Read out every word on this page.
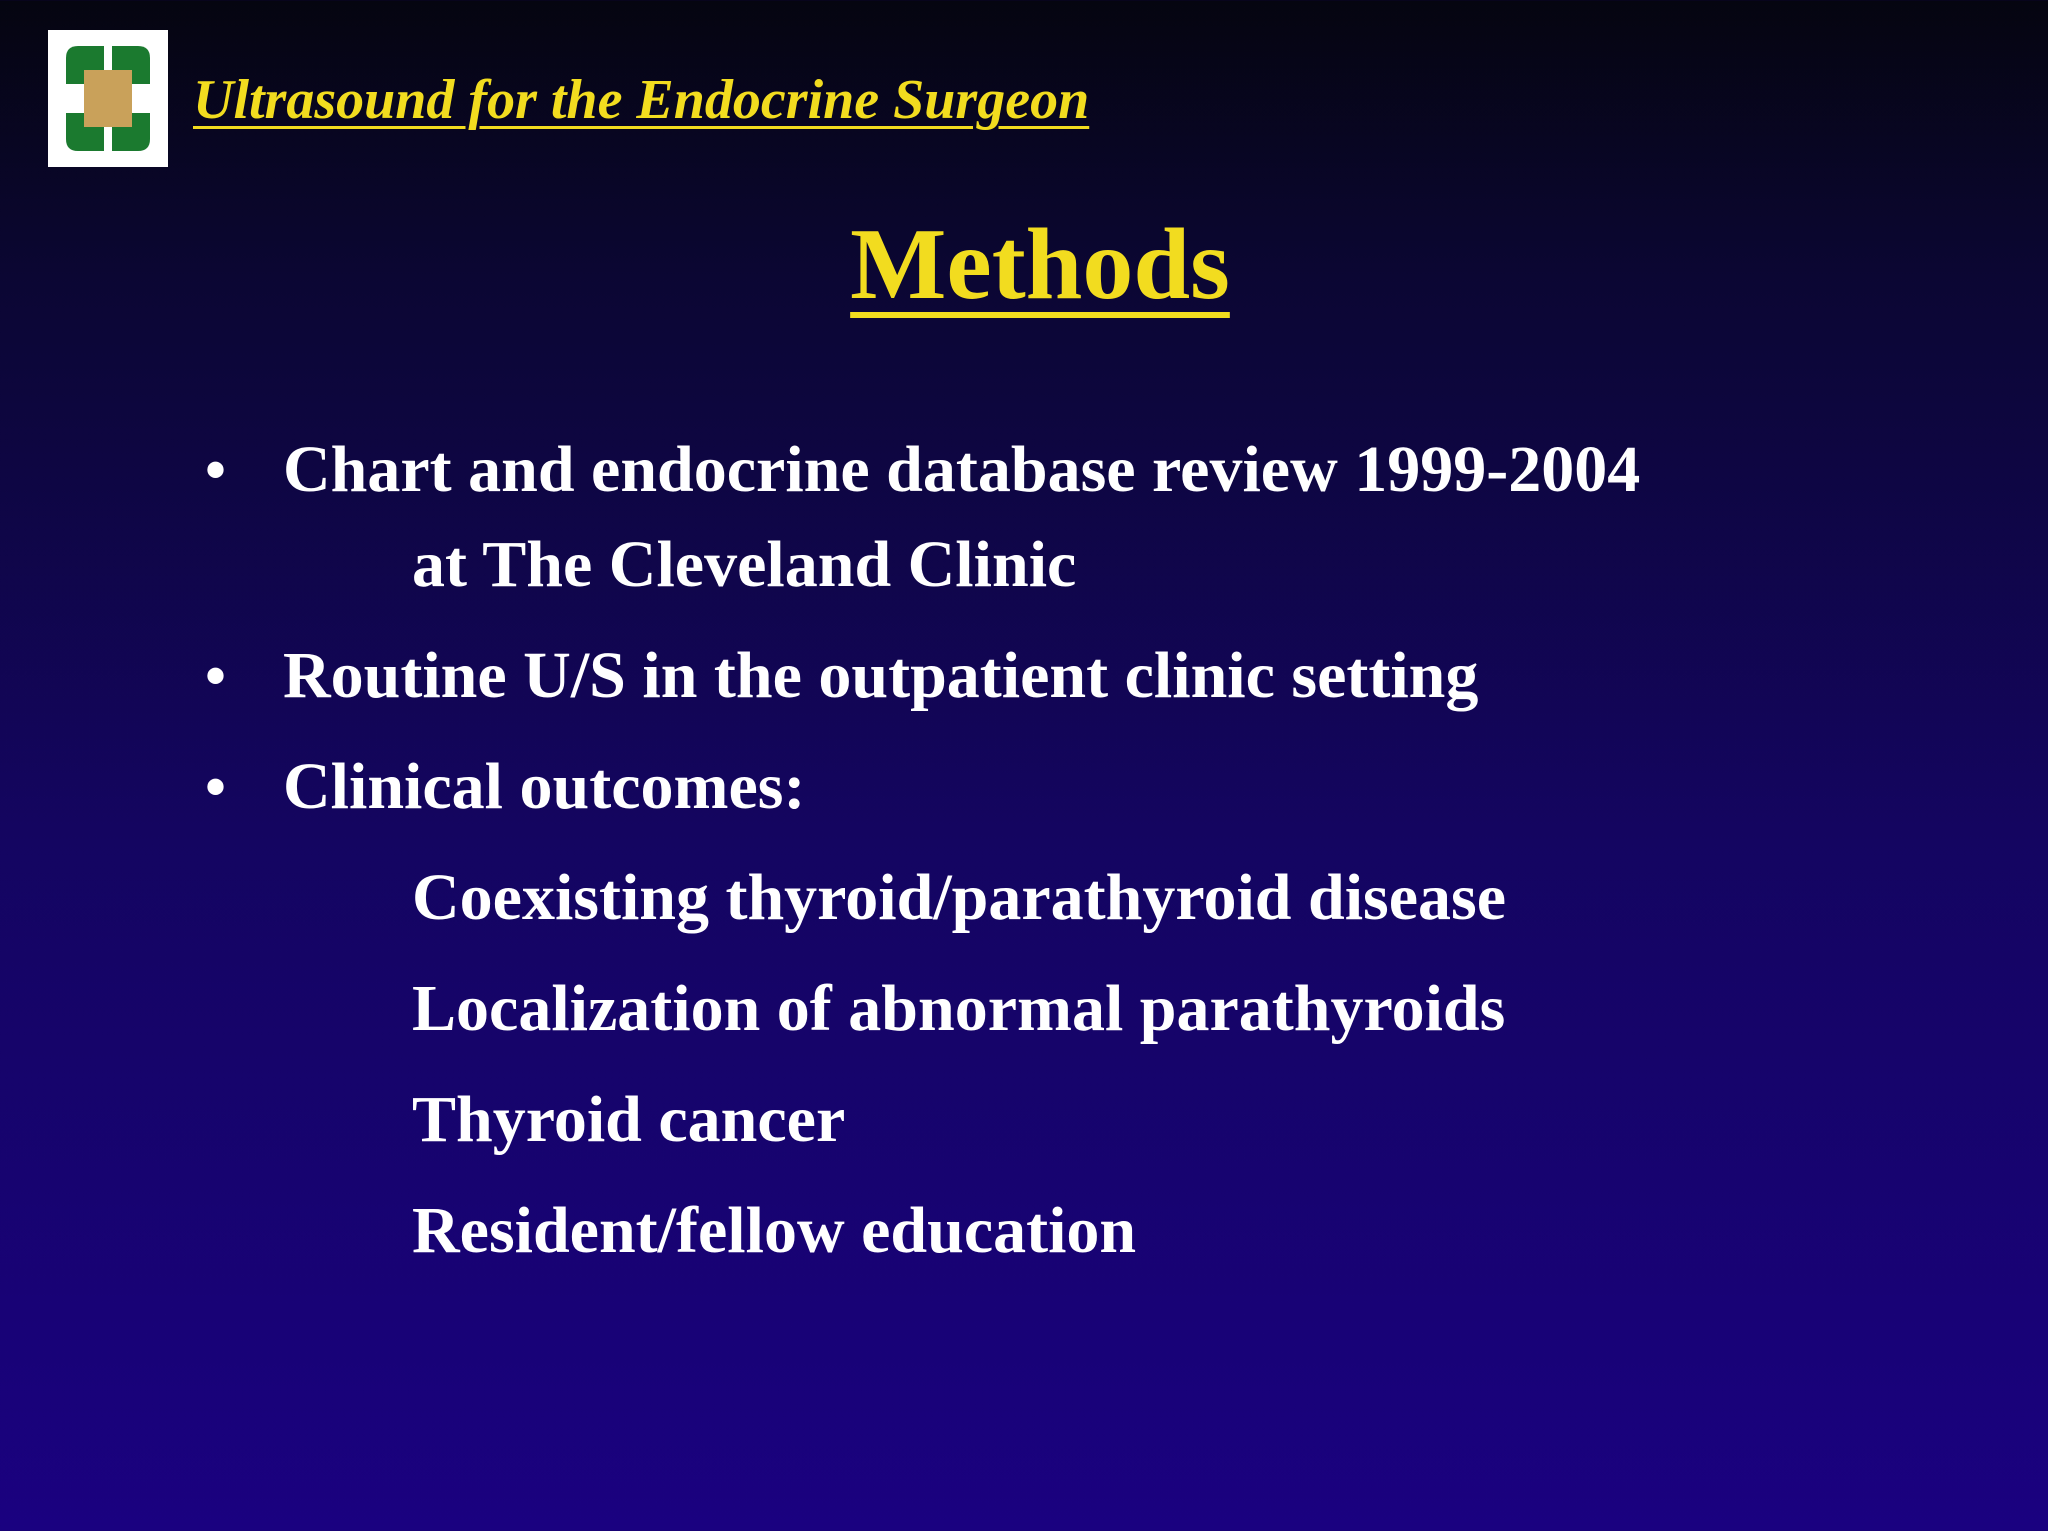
Ultrasound for the Endocrine Surgeon
Methods
• Chart and endocrine database review 1999-2004

at The Cleveland Clinic

• Routine U/S in the outpatient clinic setting

• Clinical outcomes:

Coexisting thyroid/parathyroid disease

Localization of abnormal parathyroids

Thyroid cancer

Resident/fellow education
